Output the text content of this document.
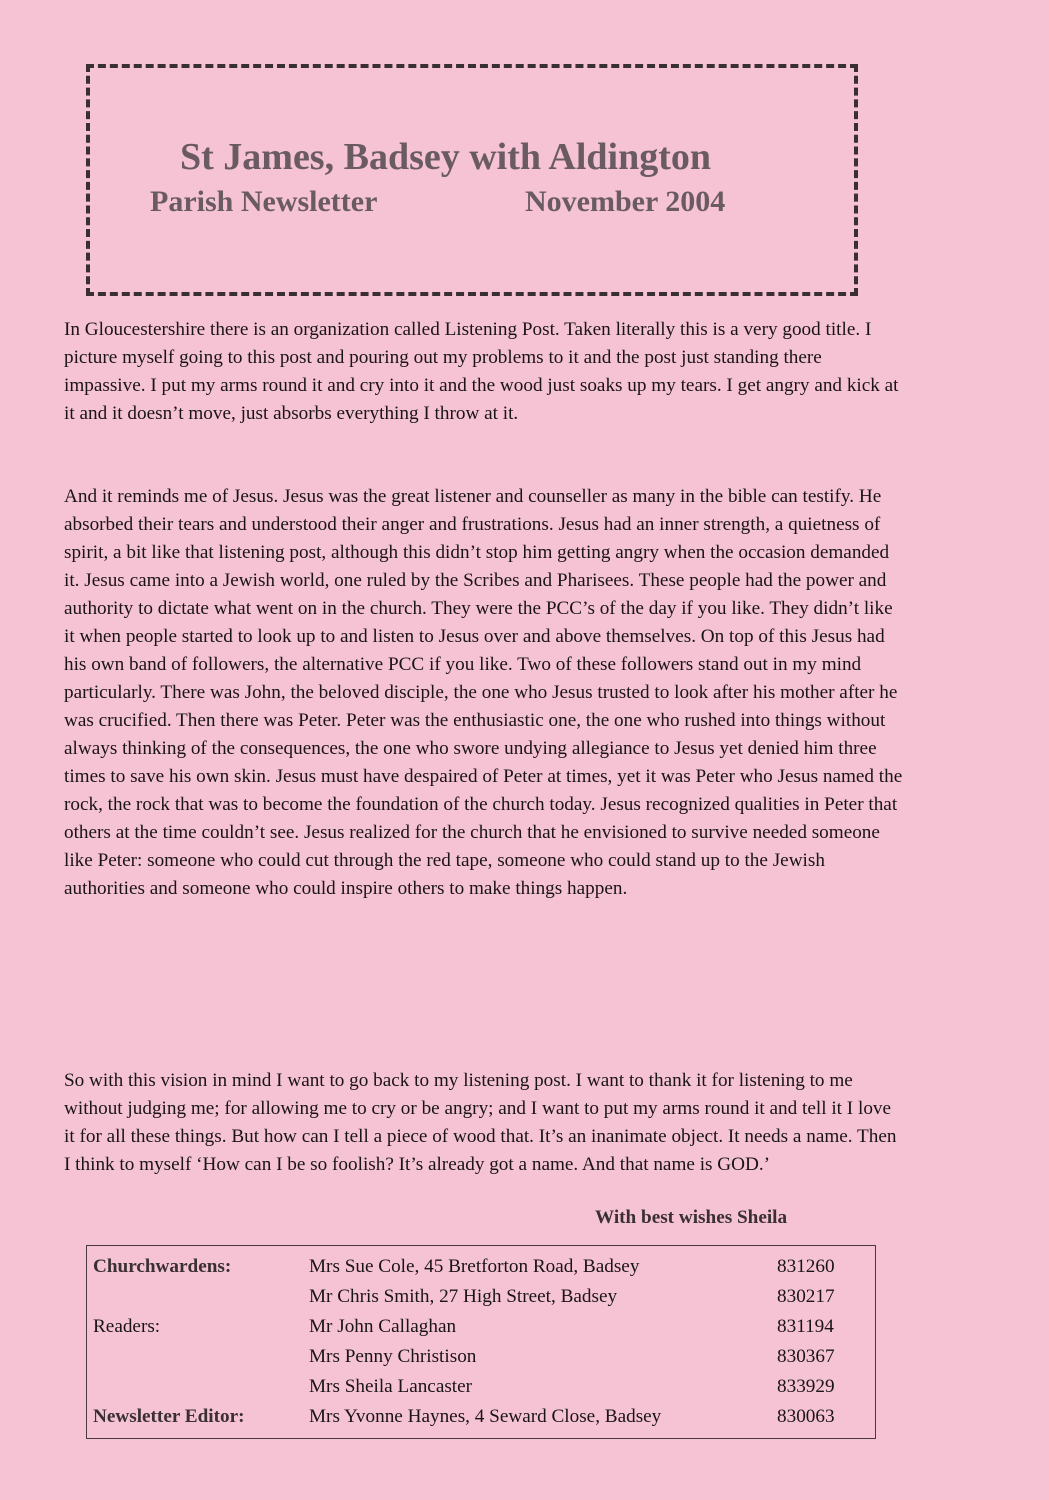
St James, Badsey with Aldington
Parish Newsletter	November 2004

In Gloucestershire there is an organization called Listening Post. Taken literally this is a very good title. I picture myself going to this post and pouring out my problems to it and the post just standing there impassive. I put my arms round it and cry into it and the wood just soaks up my tears. I get angry and kick at it and it doesn’t move, just absorbs everything I throw at it.

And it reminds me of Jesus. Jesus was the great listener and counseller as many in the bible can testify. He absorbed their tears and understood their anger and frustrations. Jesus had an inner strength, a quietness of spirit, a bit like that listening post, although this didn’t stop him getting angry when the occasion demanded it. Jesus came into a Jewish world, one ruled by the Scribes and Pharisees. These people had the power and authority to dictate what went on in the church. They were the PCC’s of the day if you like. They didn’t like it when people started to look up to and listen to Jesus over and above themselves. On top of this Jesus had his own band of followers, the alternative PCC if you like. Two of these followers stand out in my mind particularly. There was John, the beloved disciple, the one who Jesus trusted to look after his mother after he was crucified. Then there was Peter. Peter was the enthusiastic one, the one who rushed into things without always thinking of the consequences, the one who swore undying allegiance to Jesus yet denied him three times to save his own skin. Jesus must have despaired of Peter at times, yet it was Peter who Jesus named the rock, the rock that was to become the foundation of the church today. Jesus recognized qualities in Peter that others at the time couldn’t see. Jesus realized for the church that he envisioned to survive needed someone like Peter: someone who could cut through the red tape, someone who could stand up to the Jewish authorities and someone who could inspire others to make things happen.

So with this vision in mind I want to go back to my listening post. I want to thank it for listening to me without judging me; for allowing me to cry or be angry; and I want to put my arms round it and tell it I love it for all these things. But how can I tell a piece of wood that. It’s an inanimate object. It needs a name. Then I think to myself ‘How can I be so foolish? It’s already got a name. And that name is GOD.’

With best wishes Sheila
Churchwardens:	Mrs Sue Cole, 45 Bretforton Road, Badsey	831260
	Mr Chris Smith, 27 High Street, Badsey	830217
Readers:	Mr John Callaghan	831194
	Mrs Penny Christison	830367
	Mrs Sheila Lancaster	833929
Newsletter Editor:	Mrs Yvonne Haynes, 4 Seward Close, Badsey	830063
